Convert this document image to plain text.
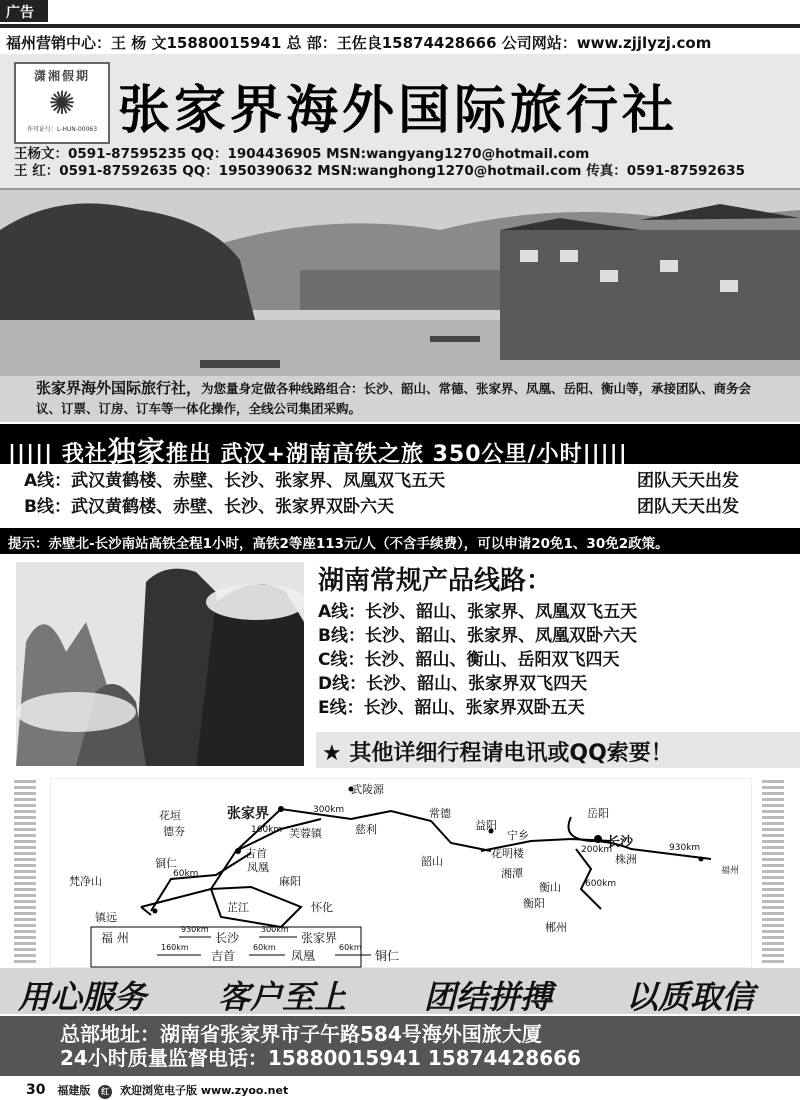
广告
福州营销中心：王 杨 文15880015941 总 部：王佐良15874428666 公司网站：www.zjjlyzj.com
潇湘假期
✺
许可证号：L-HUN-00063 张家界海外国际旅行社
王杨文：0591-87595235 QQ：1904436905 MSN:wangyang1270@hotmail.com
王 红：0591-87592635 QQ：1950390632 MSN:wanghong1270@hotmail.com 传真：0591-87592635
张家界海外国际旅行社，为您量身定做各种线路组合：长沙、韶山、常德、张家界、凤凰、岳阳、衡山等，承接团队、商务会议、订票、订房、订车等一体化操作，全线公司集团采购。
||||| 我社独家推出 武汉+湖南高铁之旅 350公里/小时|||||
A线：武汉黄鹤楼、赤壁、长沙、张家界、凤凰双飞五天	团队天天出发
B线：武汉黄鹤楼、赤壁、长沙、张家界双卧六天	团队天天出发
提示：赤壁北-长沙南站高铁全程1小时，高铁2等座113元/人（不含手续费），可以申请20免1、30免2政策。
湖南常规产品线路：
A线：长沙、韶山、张家界、凤凰双飞五天
B线：长沙、韶山、张家界、凤凰双卧六天
C线：长沙、韶山、衡山、岳阳双飞四天
D线：长沙、韶山、张家界双飞四天
E线：长沙、韶山、张家界双卧五天
★ 其他详细行程请电讯或QQ索要！
武陵源
花垣	张家界
德夯	芙蓉镇	慈利
常德
益阳
宁乡
岳阳
长沙
铜仁
吉首
凤凰
花明楼
韶山
湘潭
株洲
福州
梵净山	麻阳
芷江	怀化
衡山
衡阳
郴州
镇远
300km
160km
60km
200km	930km
600km
福 州
930km
长沙
300km
张家界
160km
吉首
60km
凤凰
60km
铜仁
用心服务 客户至上 团结拼搏 以质取信
总部地址：湖南省张家界市子午路584号海外国旅大厦
24小时质量监督电话：15880015941 15874428666
30 福建版 红 欢迎浏览电子版 www.zyoo.net
